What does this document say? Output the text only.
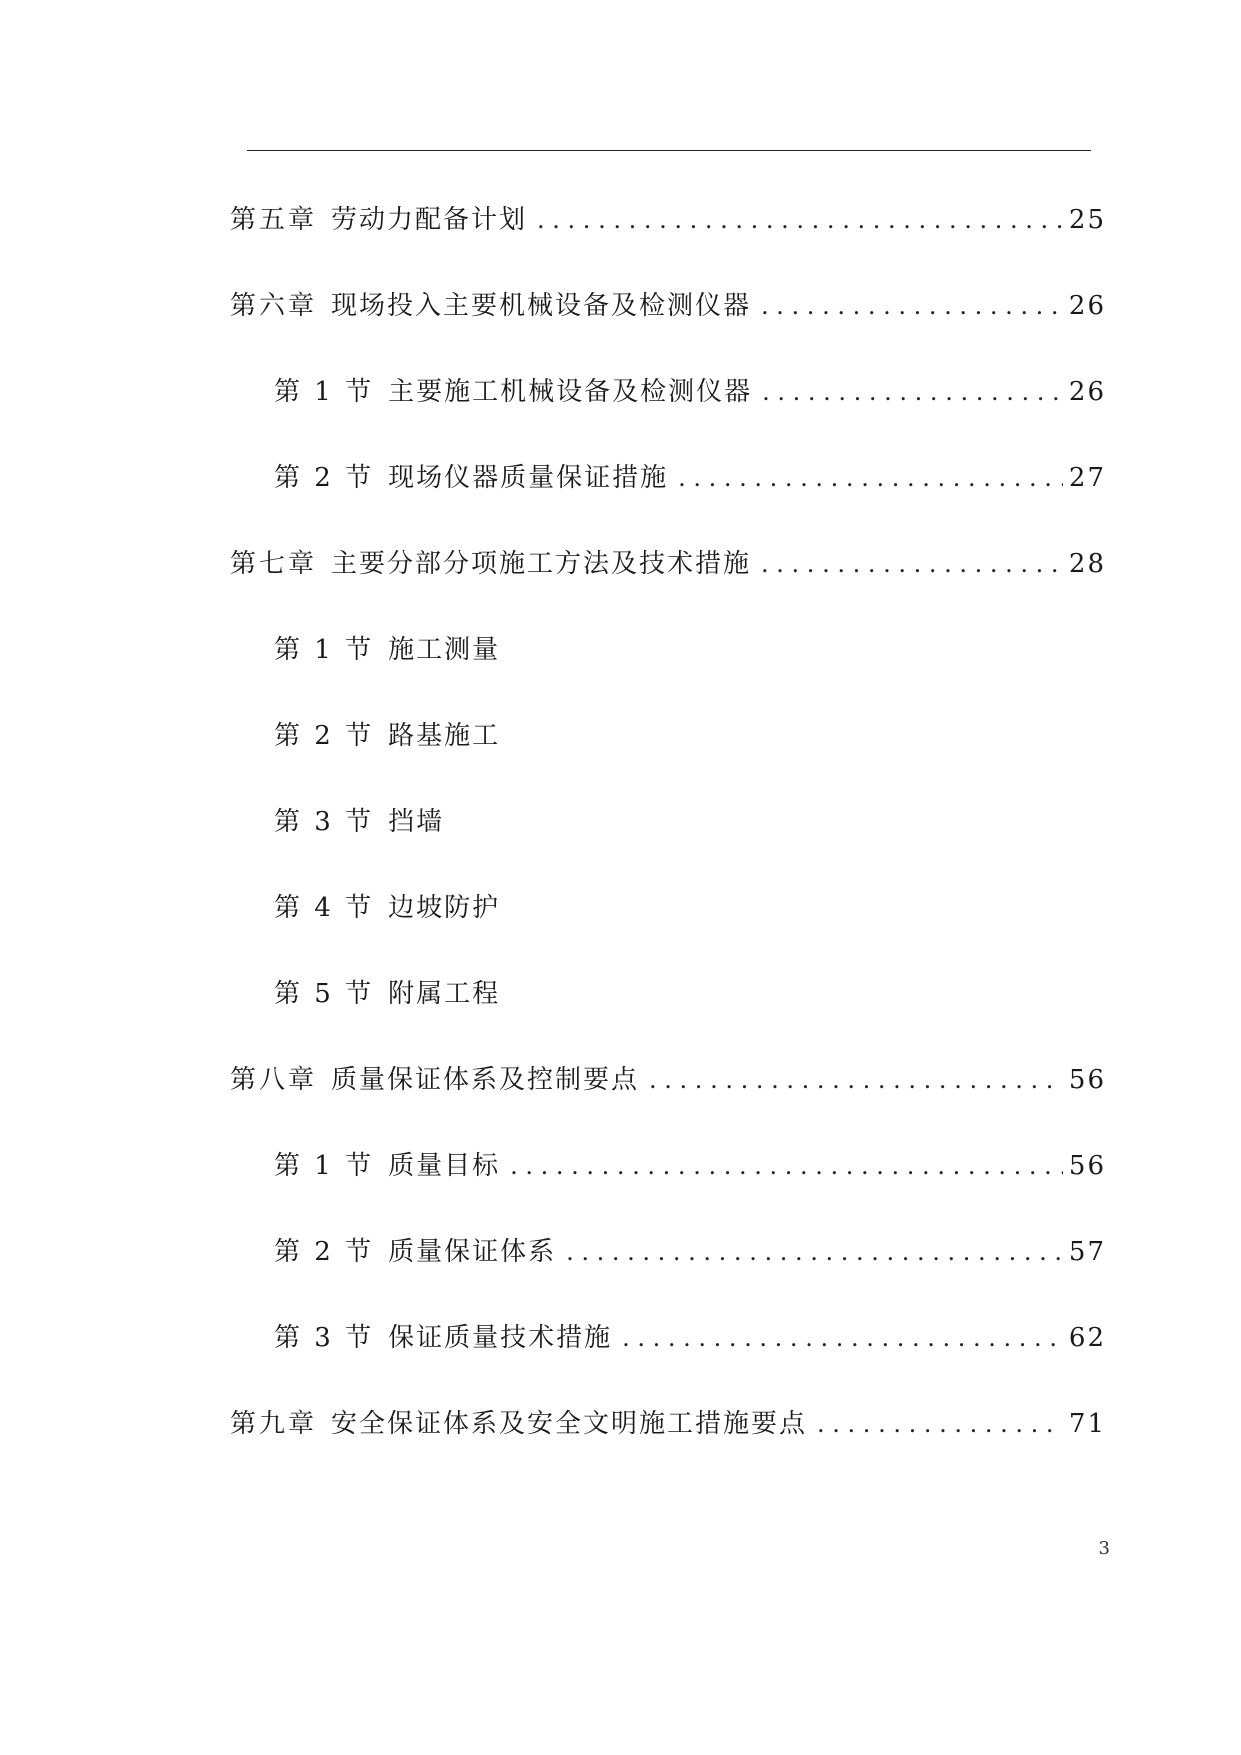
第五章 劳动力配备计划 . . .	25
第六章 现场投入主要机械设备及检测仪器 . . .	26
第 1 节 主要施工机械设备及检测仪器 . . .	26
第 2 节 现场仪器质量保证措施 . . .	27
第七章 主要分部分项施工方法及技术措施 . . .	28
第 1 节 施工测量
第 2 节 路基施工
第 3 节 挡墙
第 4 节 边坡防护
第 5 节 附属工程
第八章 质量保证体系及控制要点 . . .	56
第 1 节 质量目标 . . .	56
第 2 节 质量保证体系 . . .	57
第 3 节 保证质量技术措施 . . .	62
第九章 安全保证体系及安全文明施工措施要点 . . .	71
3
